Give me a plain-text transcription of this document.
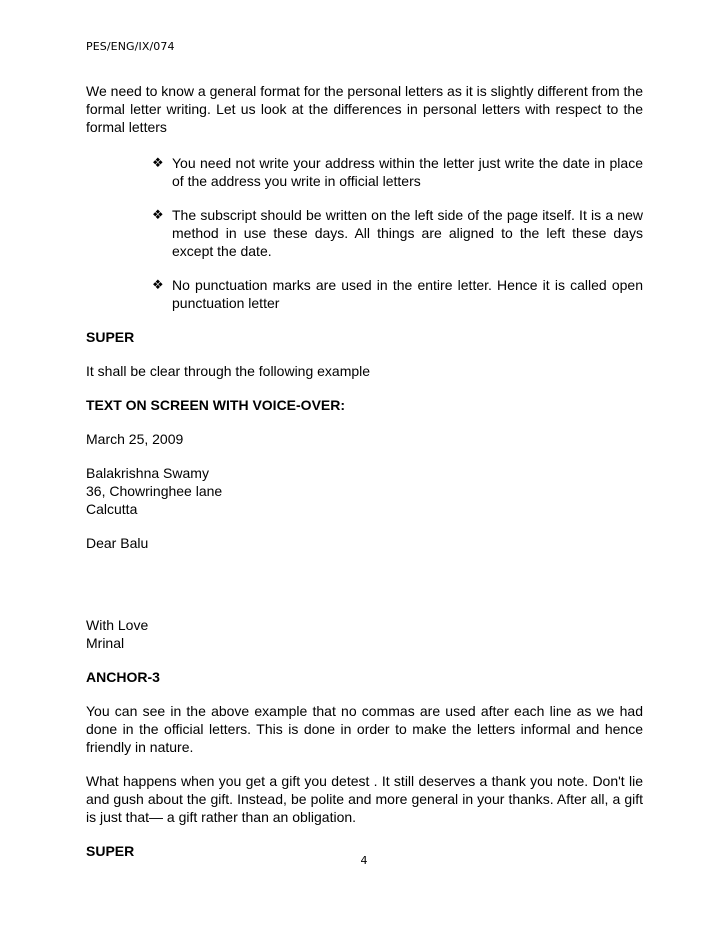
PES/ENG/IX/074

We need to know a general format for the personal letters as it is slightly different from the formal letter writing. Let us look at the differences in personal letters with respect to the formal letters

❖ You need not write your address within the letter just write the date in place of the address you write in official letters
❖ The subscript should be written on the left side of the page itself. It is a new method in use these days. All things are aligned to the left these days except the date.
❖ No punctuation marks are used in the entire letter. Hence it is called open punctuation letter

SUPER

It shall be clear through the following example

TEXT ON SCREEN WITH VOICE-OVER:

March 25, 2009

Balakrishna Swamy

36, Chowringhee lane

Calcutta

Dear Balu

With Love

Mrinal

ANCHOR-3

You can see in the above example that no commas are used after each line as we had done in the official letters. This is done in order to make the letters informal and hence friendly in nature.

What happens when you get a gift you detest . It still deserves a thank you note. Don't lie and gush about the gift. Instead, be polite and more general in your thanks. After all, a gift is just that— a gift rather than an obligation.

SUPER

4
